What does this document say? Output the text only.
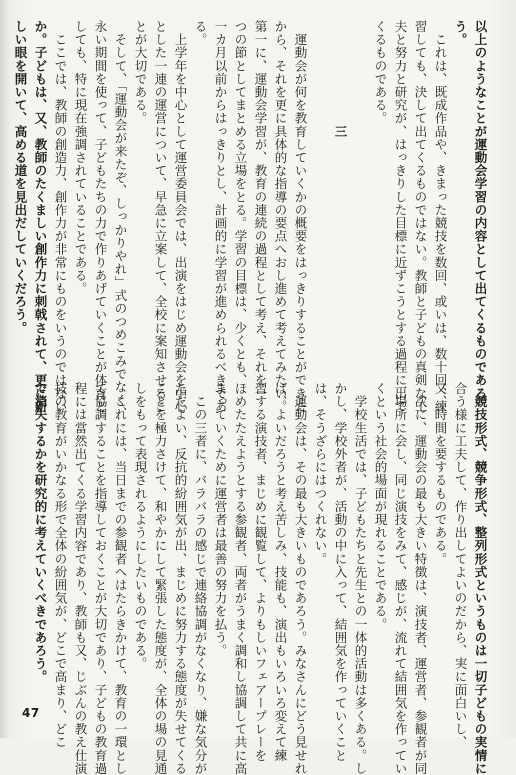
以上のようなことが運動会学習の内容として出てくるものであろ
う。
　これは、既成作品や、きまった競技を数回、或いは、数十回、練
習しても、決して出てくるものではない。教師と子どもの真剣な工
夫と努力と研究が、はっきりした目標に近ずこうとする過程に出て
くるものである。

　　　　　　　　三

　運動会が何を教育していくかの概要をはっきりすることができた
から、それを更に具体的な指導の要点へおし進めて考えてみたい。
第一に、運動会学習が、教育の連続の過程として考え、それを一
つの節としてまとめる立場をとる。学習の目標は、少くとも、
一カ月以前からはっきりとし、計画的に学習が進められるべきであ
る。
　上学年を中心として運営委員会では、出演をはじめ運動会を中心
とした一連の運営について、早急に立案して、全校に案知させるこ
とが大切である。
　そして、「運動会が来たぞ、しっかりやれ」式のつめこみでなく、
永い期間を使って、子どもたちの力で作りあげていくことが体育と
しても、特に現在強調されていることである。
　ここでは、教師の創造力、創作力が非常にものをいうのではない
か。子どもは、又、教師のたくましい創作力に刺戟されて、更に新
しい眼を開いて、高める道を見出だしていくだろう。
　競技形式、競争形式、整列形式というものは一切子どもの実情に
合う様に工夫して、作り出してよいのだから、実に面白いし、
又、時間を要するものである。
　次に、運動会の最も大きい特徴は、演技者、運営者、参観者が同
一場所に会し、同じ演技をみて、感じが、流れて結囲気を作ってい
くという社会的場面が現れることである。
　学校生活では、子どもたちと先生との一体的活動は多くある。し
かし、学校外者が、活動の中に入って、結囲気を作っていくこと
は、そうざらにはつくれない。
　運動会は、その最も大きいものであろう。みなさんにどう見せれ
ば、よいだろうと考え苦しみ、技能も、演出もいろいろ変えて練
習する演技者、まじめに観覧して、よりもしいフェアープレーを
ほめたたえようとする参観者、両者がうまく調和し協調して共に高
まっていくために運営者は最善の努力を払う。
　この三者に、バラバラの感じで連絡協調がなくなり、嫌な気分が
ただよい、反抗的紛囲気が出、まじめに努力する態度が失せてくる
ことを極力さけて、和やかにして緊張した態度が、全体の場の見通
しをもって表現されるようにしたいものである。
　これには、当日までの参観者へはたらきかけて、教育の一環とし
て協調することを指導しておくことが大切であり、子どもの教育過
程には當然出てくる学習内容であり、教師も又、じぶんの教え仕演
技の教育がいかなる形で全体の紛囲気が、どこで高まり、どこ
で消失するかを研究的に考えていくべきであろう。
47
